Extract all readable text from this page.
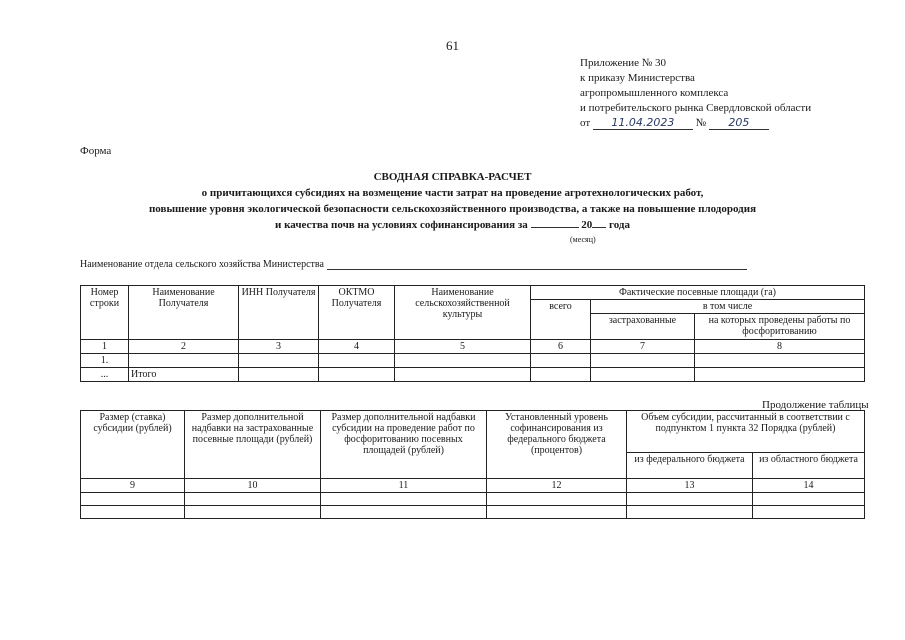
61
Приложение № 30
к приказу Министерства
агропромышленного комплекса
и потребительского рынка Свердловской области
от 11.04.2023 № 205
Форма
СВОДНАЯ СПРАВКА-РАСЧЕТ
о причитающихся субсидиях на возмещение части затрат на проведение агротехнологических работ,
повышение уровня экологической безопасности сельскохозяйственного производства, а также на повышение плодородия
и качества почв на условиях софинансирования за	20 года
(месяц)
Наименование отдела сельского хозяйства Министерства
Номер строки	Наименование Получателя	ИНН Получателя	ОКТМО Получателя	Наименование сельскохозяйственной культуры	Фактические посевные площади (га)		
					всего	в том числе	
						застрахованные	на которых проведены работы по фосфоритованию
1	2	3	4	5	6	7	8
1.							
...	Итого						
Продолжение таблицы
Размер (ставка) субсидии (рублей)	Размер дополнительной надбавки на застрахованные посевные площади (рублей)	Размер дополнительной надбавки субсидии на проведение работ по фосфоритованию посевных площадей (рублей)	Установленный уровень софинансирования из федерального бюджета (процентов)	Объем субсидии, рассчитанный в соответствии с подпунктом 1 пункта 32 Порядка (рублей)	
				из федерального бюджета	из областного бюджета
9	10	11	12	13	14
